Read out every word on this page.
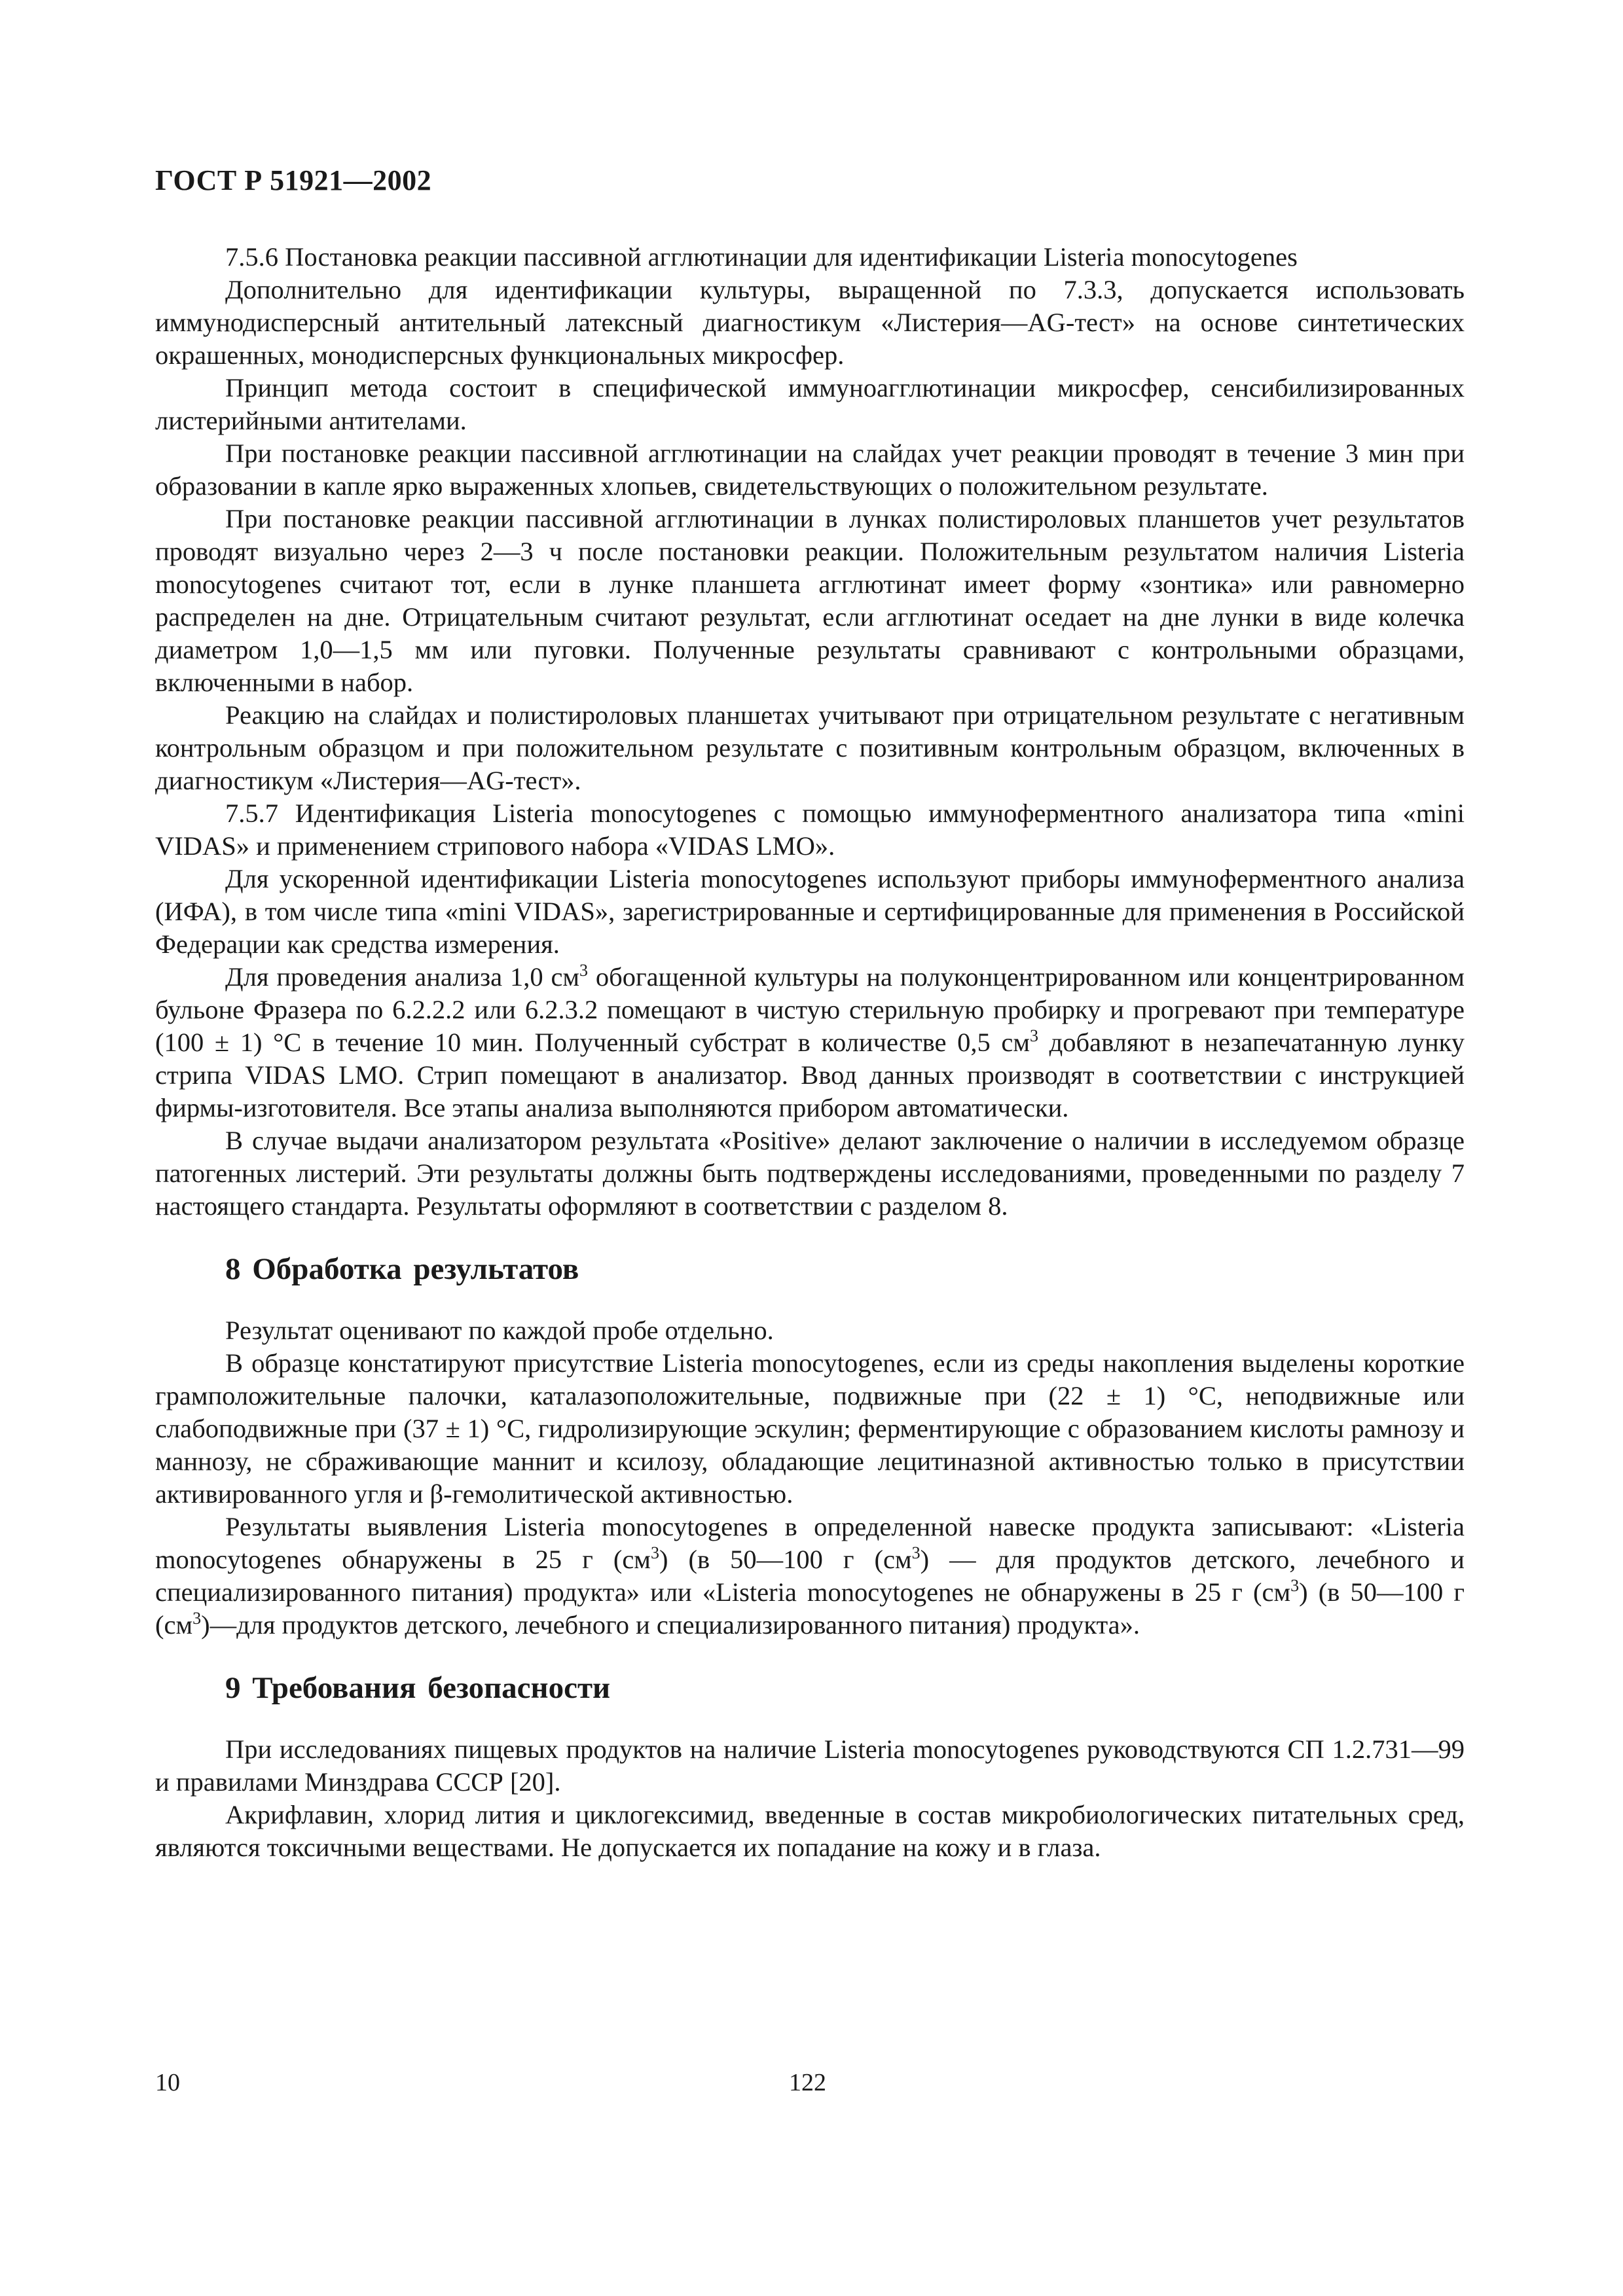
ГОСТ Р 51921—2002

7.5.6 Постановка реакции пассивной агглютинации для идентификации Listeria monocytogenes

Дополнительно для идентификации культуры, выращенной по 7.3.3, допускается использовать иммунодисперсный антительный латексный диагностикум «Листерия—AG-тест» на основе синтетических окрашенных, монодисперсных функциональных микросфер.

Принцип метода состоит в специфической иммуноагглютинации микросфер, сенсибилизированных листерийными антителами.

При постановке реакции пассивной агглютинации на слайдах учет реакции проводят в течение 3 мин при образовании в капле ярко выраженных хлопьев, свидетельствующих о положительном результате.

При постановке реакции пассивной агглютинации в лунках полистироловых планшетов учет результатов проводят визуально через 2—3 ч после постановки реакции. Положительным результатом наличия Listeria monocytogenes считают тот, если в лунке планшета агглютинат имеет форму «зонтика» или равномерно распределен на дне. Отрицательным считают результат, если агглютинат оседает на дне лунки в виде колечка диаметром 1,0—1,5 мм или пуговки. Полученные результаты сравнивают с контрольными образцами, включенными в набор.

Реакцию на слайдах и полистироловых планшетах учитывают при отрицательном результате с негативным контрольным образцом и при положительном результате с позитивным контрольным образцом, включенных в диагностикум «Листерия—AG-тест».

7.5.7 Идентификация Listeria monocytogenes с помощью иммуноферментного анализатора типа «mini VIDAS» и применением стрипового набора «VIDAS LMO».

Для ускоренной идентификации Listeria monocytogenes используют приборы иммуноферментного анализа (ИФА), в том числе типа «mini VIDAS», зарегистрированные и сертифицированные для применения в Российской Федерации как средства измерения.

Для проведения анализа 1,0 $см^3$ обогащенной культуры на полуконцентрированном или концентрированном бульоне Фразера по 6.2.2.2 или 6.2.3.2 помещают в чистую стерильную пробирку и прогревают при температуре (100 ± 1) °C в течение 10 мин. Полученный субстрат в количестве 0,5 $см^3$ добавляют в незапечатанную лунку стрипа VIDAS LMO. Стрип помещают в анализатор. Ввод данных производят в соответствии с инструкцией фирмы-изготовителя. Все этапы анализа выполняются прибором автоматически.

В случае выдачи анализатором результата «Positive» делают заключение о наличии в исследуемом образце патогенных листерий. Эти результаты должны быть подтверждены исследованиями, проведенными по разделу 7 настоящего стандарта. Результаты оформляют в соответствии с разделом 8.

8 Обработка результатов

Результат оценивают по каждой пробе отдельно.

В образце констатируют присутствие Listeria monocytogenes, если из среды накопления выделены короткие грамположительные палочки, каталазоположительные, подвижные при (22 ± 1) °C, неподвижные или слабоподвижные при (37 ± 1) °C, гидролизирующие эскулин; ферментирующие с образованием кислоты рамнозу и маннозу, не сбраживающие маннит и ксилозу, обладающие лецитиназной активностью только в присутствии активированного угля и β-гемолитической активностью.

Результаты выявления Listeria monocytogenes в определенной навеске продукта записывают: «Listeria monocytogenes обнаружены в 25 г $(см^3)$ (в 50—100 г $(см^3)$ — для продуктов детского, лечебного и специализированного питания) продукта» или «Listeria monocytogenes не обнаружены в 25 г $(см^3)$ (в 50—100 г $(см^3)—для$ продуктов детского, лечебного и специализированного питания) продукта».

9 Требования безопасности

При исследованиях пищевых продуктов на наличие Listeria monocytogenes руководствуются СП 1.2.731—99 и правилами Минздрава СССР [20].

Акрифлавин, хлорид лития и циклогексимид, введенные в состав микробиологических питательных сред, являются токсичными веществами. Не допускается их попадание на кожу и в глаза.

10	122
